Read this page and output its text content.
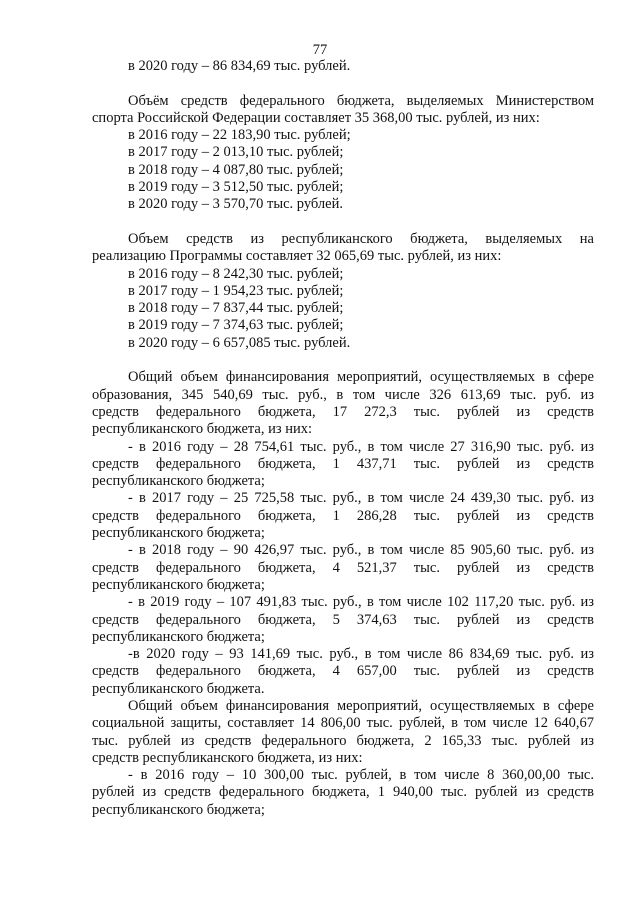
77
в 2020 году – 86 834,69 тыс. рублей.
Объём средств федерального бюджета, выделяемых Министерством
спорта Российской Федерации составляет 35 368,00 тыс. рублей, из них:
в 2016 году – 22 183,90 тыс. рублей;
в 2017 году – 2 013,10 тыс. рублей;
в 2018 году – 4 087,80 тыс. рублей;
в 2019 году – 3 512,50 тыс. рублей;
в 2020 году – 3 570,70 тыс. рублей.
Объем средств из республиканского бюджета, выделяемых на
реализацию Программы составляет 32 065,69 тыс. рублей, из них:
в 2016 году – 8 242,30 тыс. рублей;
в 2017 году – 1 954,23 тыс. рублей;
в 2018 году – 7 837,44 тыс. рублей;
в 2019 году – 7 374,63 тыс. рублей;
в 2020 году – 6 657,085 тыс. рублей.
Общий объем финансирования мероприятий, осуществляемых в сфере
образования, 345 540,69 тыс. руб., в том числе 326 613,69 тыс. руб. из
средств федерального бюджета, 17 272,3 тыс. рублей из средств
республиканского бюджета, из них:
- в 2016 году – 28 754,61 тыс. руб., в том числе 27 316,90 тыс. руб. из
средств федерального бюджета, 1 437,71 тыс. рублей из средств
республиканского бюджета;
- в 2017 году – 25 725,58 тыс. руб., в том числе 24 439,30 тыс. руб. из
средств федерального бюджета, 1 286,28 тыс. рублей из средств
республиканского бюджета;
- в 2018 году – 90 426,97 тыс. руб., в том числе 85 905,60 тыс. руб. из
средств федерального бюджета, 4 521,37 тыс. рублей из средств
республиканского бюджета;
- в 2019 году – 107 491,83 тыс. руб., в том числе 102 117,20 тыс. руб. из
средств федерального бюджета, 5 374,63 тыс. рублей из средств
республиканского бюджета;
-в 2020 году – 93 141,69 тыс. руб., в том числе 86 834,69 тыс. руб. из
средств федерального бюджета, 4 657,00 тыс. рублей из средств
республиканского бюджета.
Общий объем финансирования мероприятий, осуществляемых в сфере
социальной защиты, составляет 14 806,00 тыс. рублей, в том числе 12 640,67
тыс. рублей из средств федерального бюджета, 2 165,33 тыс. рублей из
средств республиканского бюджета, из них:
- в 2016 году – 10 300,00 тыс. рублей, в том числе 8 360,00,00 тыс.
рублей из средств федерального бюджета, 1 940,00 тыс. рублей из средств
республиканского бюджета;
